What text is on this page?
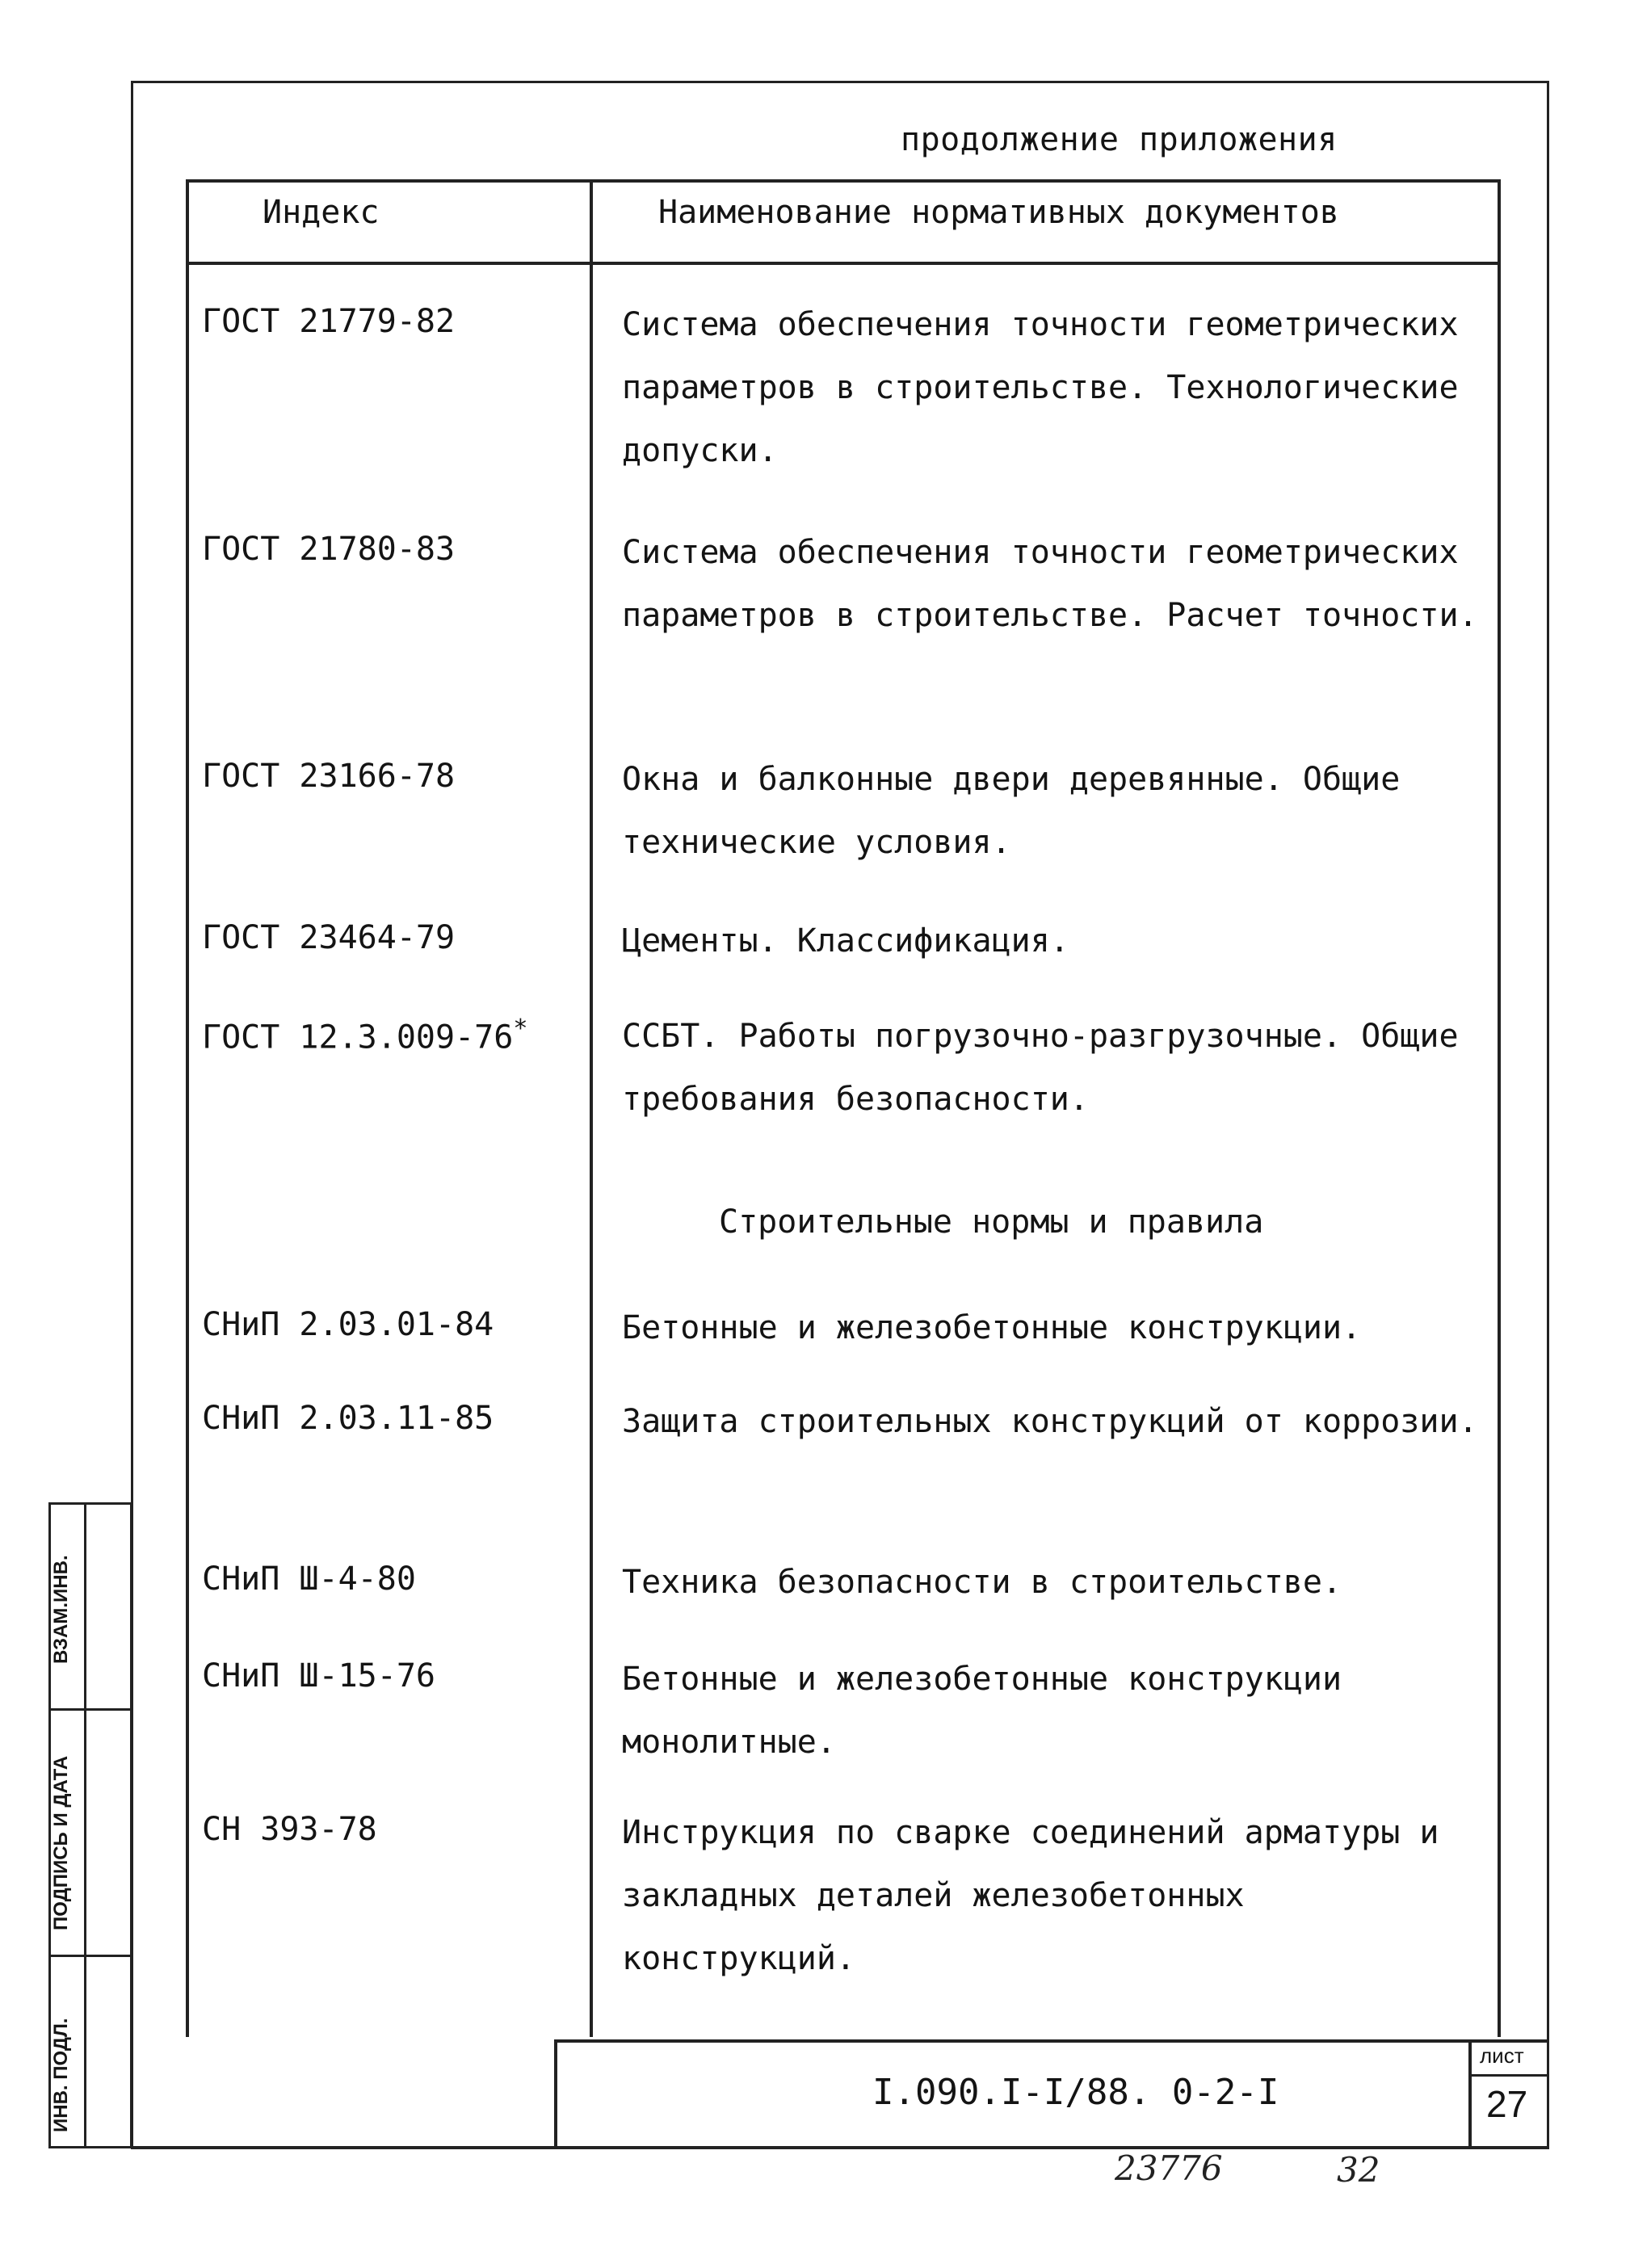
продолжение приложения
Индекс	Наименование нормативных документов
ГОСТ 21779-82	Система обеспечения точности геометрических параметров в строительстве. Технологические допуски.
ГОСТ 21780-83	Система обеспечения точности геометрических параметров в строительстве. Расчет точности.
ГОСТ 23166-78	Окна и балконные двери деревянные. Общие технические условия.
ГОСТ 23464-79	Цементы. Классификация.
ГОСТ 12.3.009-76*	ССБТ. Работы погрузочно-разгрузочные. Общие требования безопасности.
Строительные нормы и правила
СНиП 2.03.01-84	Бетонные и железобетонные конструкции.
СНиП 2.03.11-85	Защита строительных конструкций от коррозии.
СНиП Ш-4-80	Техника безопасности в строительстве.
СНиП Ш-15-76	Бетонные и железобетонные конструкции монолитные.
СН 393-78	Инструкция по сварке соединений арматуры и закладных деталей железобетонных конструкций.
I.090.I-I/88. 0-2-I
лист
27
ВЗАМ.ИНВ.
ПОДПИСЬ И ДАТА
ИНВ. ПОДЛ.
23776	32
